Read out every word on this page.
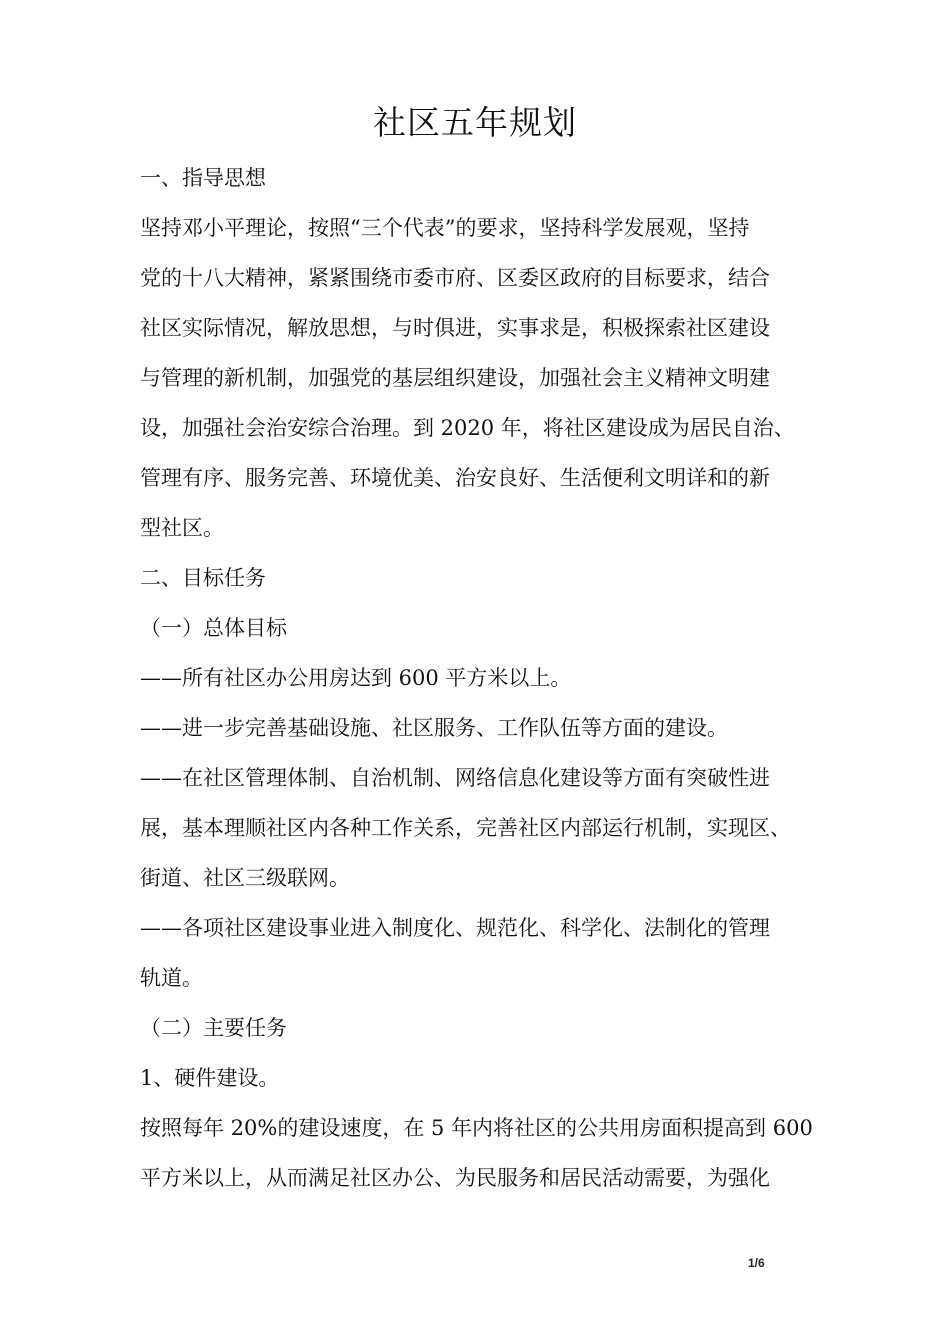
社区五年规划

一、指导思想

坚持邓小平理论，按照“三个代表”的要求，坚持科学发展观，坚持

党的十八大精神，紧紧围绕市委市府、区委区政府的目标要求，结合

社区实际情况，解放思想，与时俱进，实事求是，积极探索社区建设

与管理的新机制，加强党的基层组织建设，加强社会主义精神文明建

设，加强社会治安综合治理。到 2020 年，将社区建设成为居民自治、

管理有序、服务完善、环境优美、治安良好、生活便利文明详和的新

型社区。

二、目标任务

（一）总体目标

——所有社区办公用房达到 600 平方米以上。

——进一步完善基础设施、社区服务、工作队伍等方面的建设。

——在社区管理体制、自治机制、网络信息化建设等方面有突破性进

展，基本理顺社区内各种工作关系，完善社区内部运行机制，实现区、

街道、社区三级联网。

——各项社区建设事业进入制度化、规范化、科学化、法制化的管理

轨道。

（二）主要任务

1、硬件建设。

按照每年 20%的建设速度，在 5 年内将社区的公共用房面积提高到 600

平方米以上，从而满足社区办公、为民服务和居民活动需要，为强化

1/6
